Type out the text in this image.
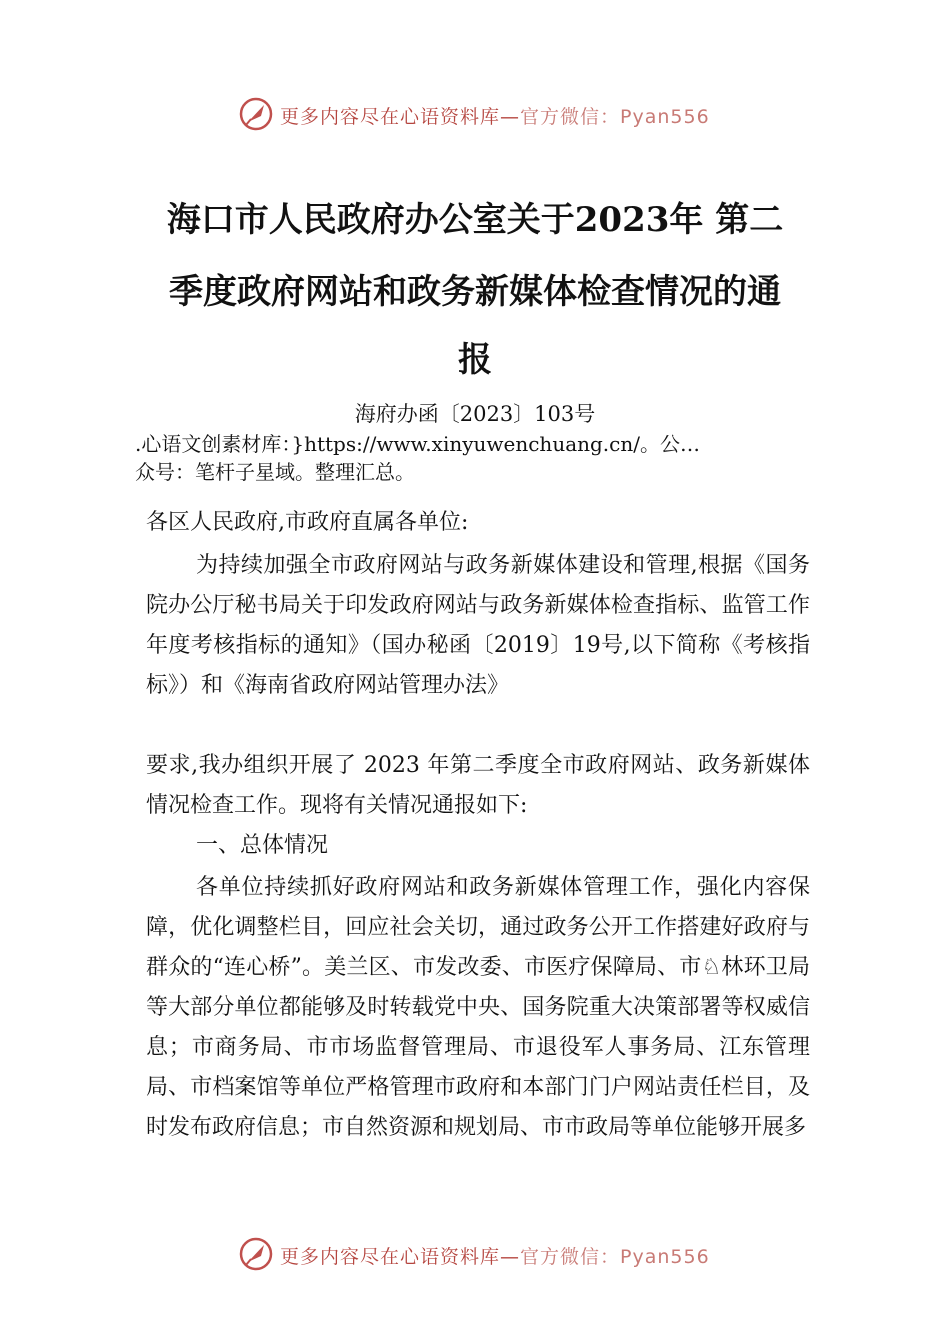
更多内容尽在心语资料库—官方微信：Pyan556
海口市人民政府办公室关于2023年 第二
季度政府网站和政务新媒体检查情况的通
报
海府办函〔2023〕103号
.心语文创素材库：}https://www.xinyuwenchuang.cn/。公…
众号：笔杆子星域。整理汇总。

各区人民政府,市政府直属各单位:

为持续加强全市政府网站与政务新媒体建设和管理,根据《国务院办公厅秘书局关于印发政府网站与政务新媒体检查指标、监管工作年度考核指标的通知》（国办秘函〔2019〕19号,以下简称《考核指标》）和《海南省政府网站管理办法》

要求,我办组织开展了 2023 年第二季度全市政府网站、政务新媒体情况检查工作。现将有关情况通报如下:

一、总体情况

各单位持续抓好政府网站和政务新媒体管理工作，强化内容保障，优化调整栏目，回应社会关切，通过政务公开工作搭建好政府与群众的“连心桥”。美兰区、市发改委、市医疗保障局、市♘林环卫局等大部分单位都能够及时转载党中央、国务院重大决策部署等权威信息；市商务局、市市场监督管理局、市退役军人事务局、江东管理局、市档案馆等单位严格管理市政府和本部门门户网站责任栏目，及时发布政府信息；市自然资源和规划局、市市政局等单位能够开展多

更多内容尽在心语资料库—官方微信：Pyan556
